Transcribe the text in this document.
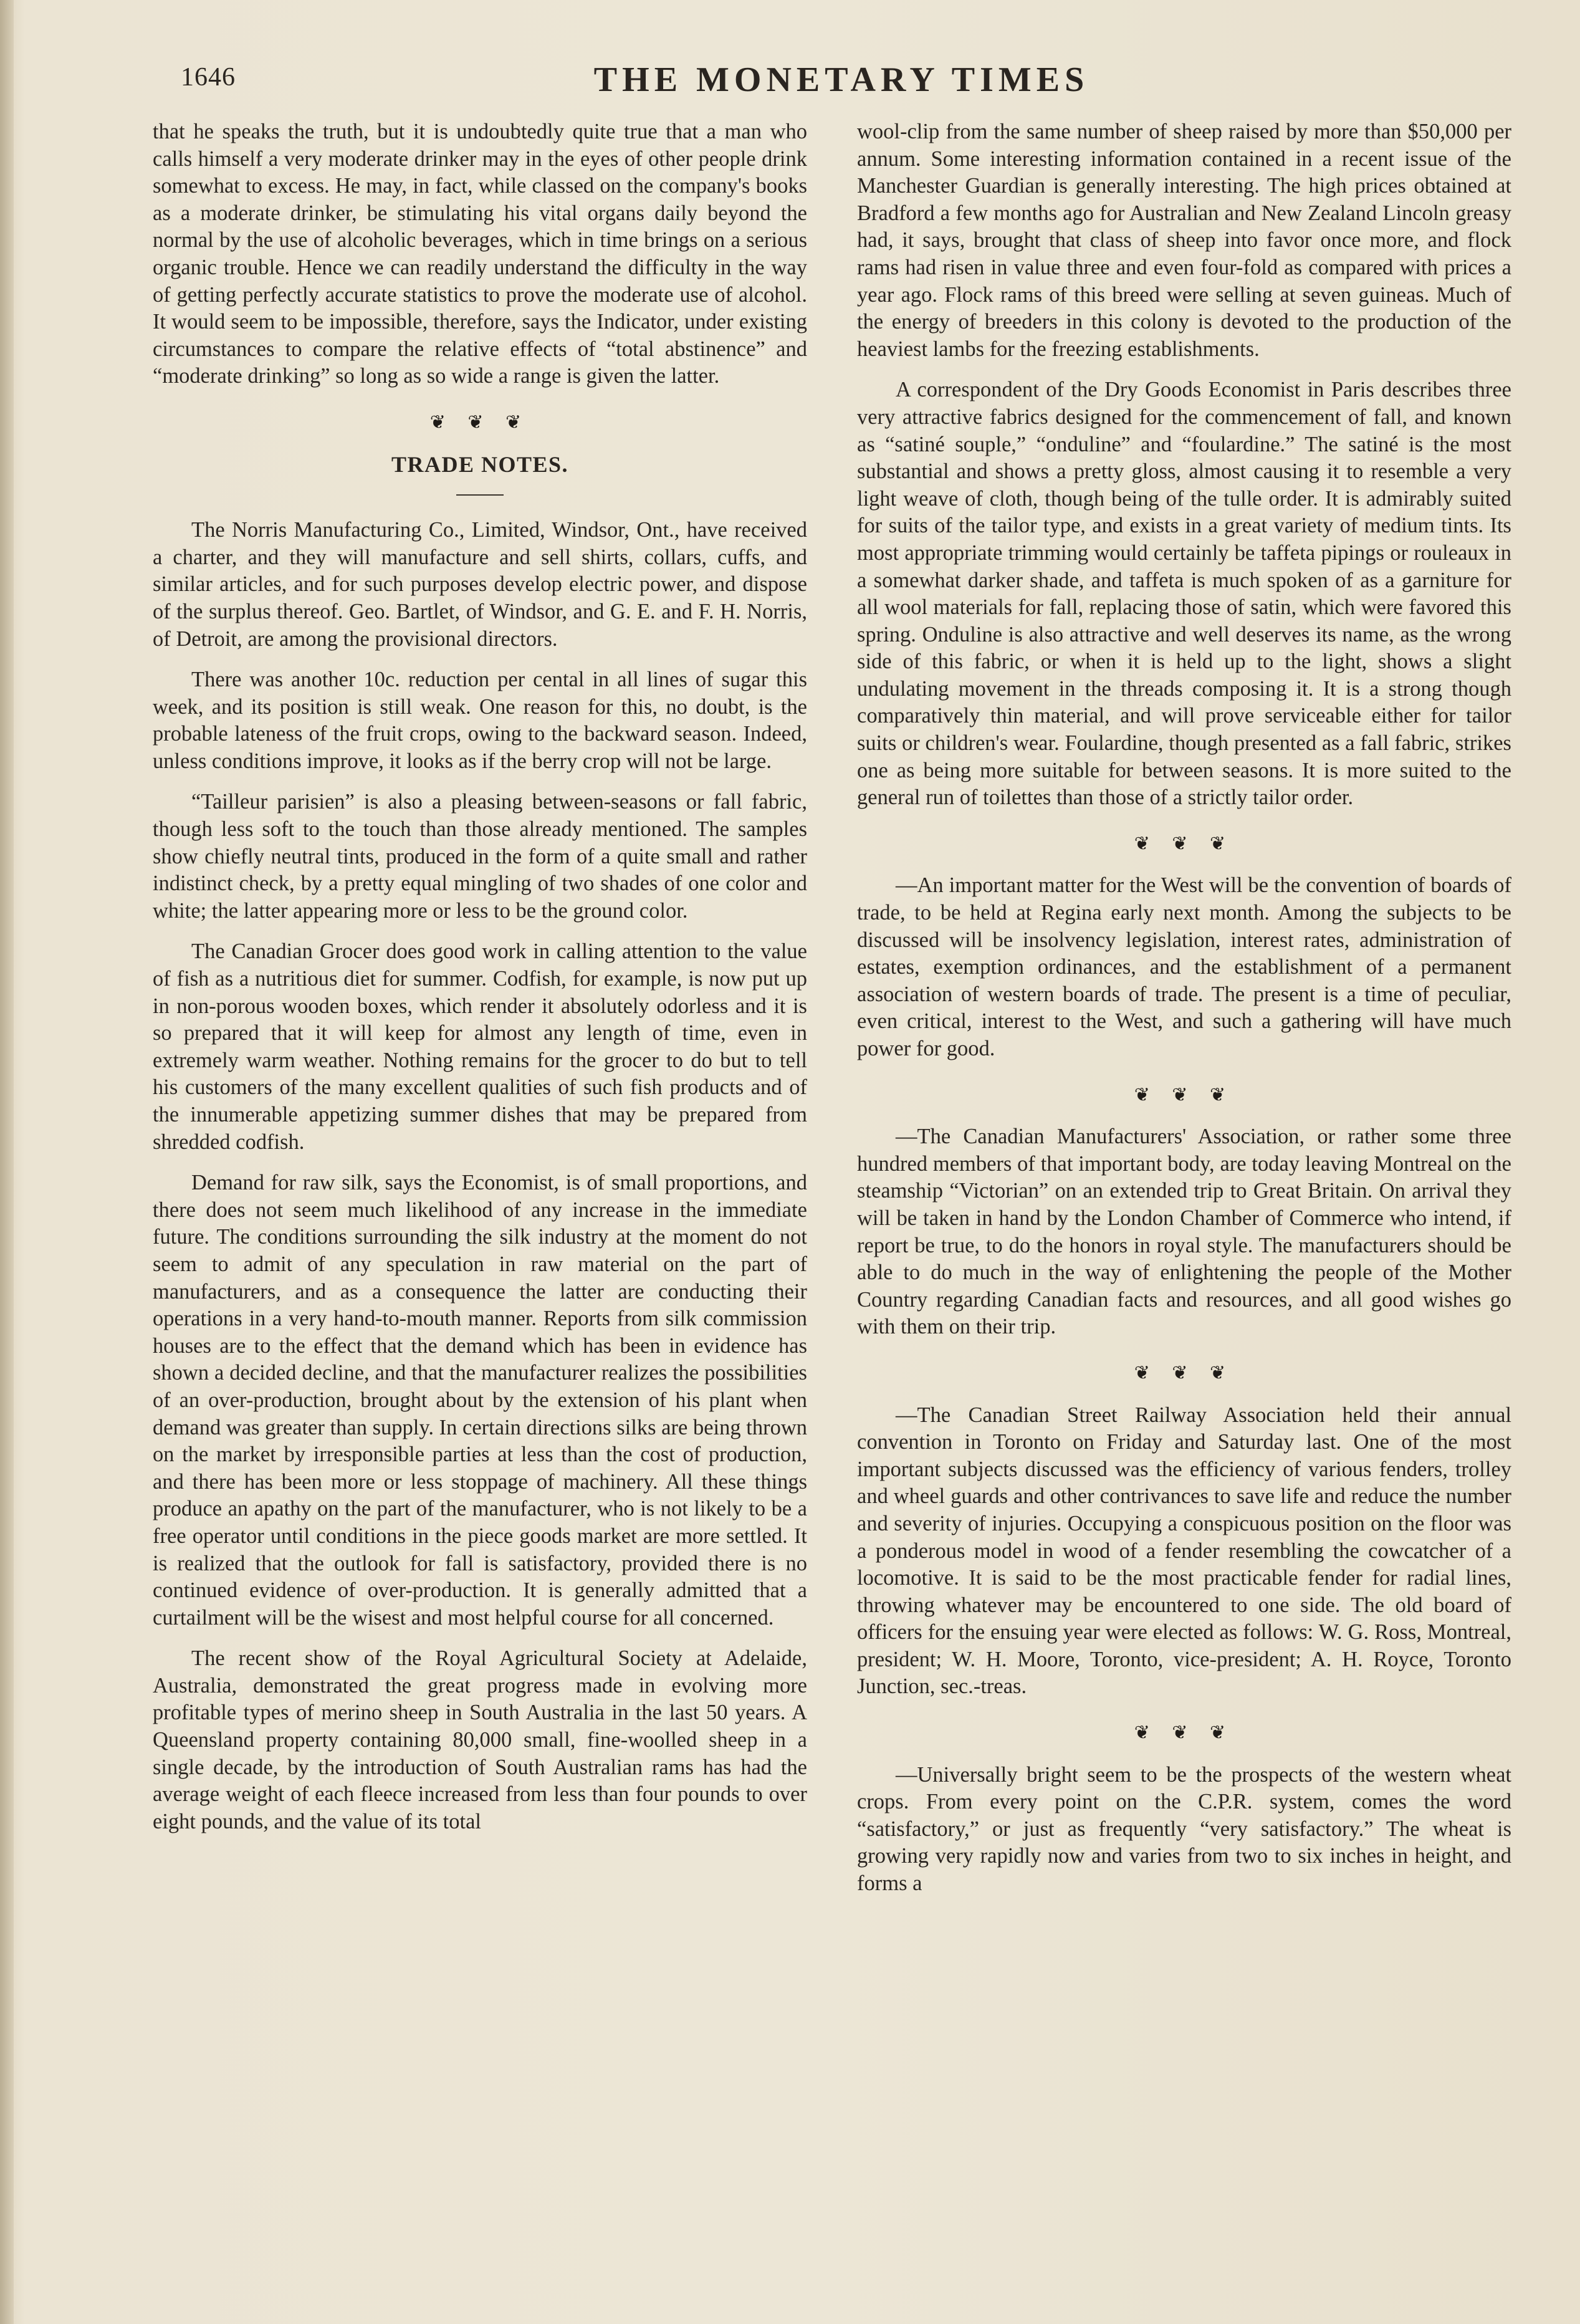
1646	THE MONETARY TIMES

that he speaks the truth, but it is undoubtedly quite true that a man who calls himself a very moderate drinker may in the eyes of other people drink somewhat to excess. He may, in fact, while classed on the company's books as a moderate drinker, be stimulating his vital organs daily beyond the normal by the use of alcoholic beverages, which in time brings on a serious organic trouble. Hence we can readily understand the difficulty in the way of getting perfectly accurate statistics to prove the moderate use of alcohol. It would seem to be impossible, therefore, says the Indicator, under existing circumstances to compare the relative effects of “total abstinence” and “moderate drinking” so long as so wide a range is given the latter.

❦ ❦ ❦
TRADE NOTES.

The Norris Manufacturing Co., Limited, Windsor, Ont., have received a charter, and they will manufacture and sell shirts, collars, cuffs, and similar articles, and for such purposes develop electric power, and dispose of the surplus thereof. Geo. Bartlet, of Windsor, and G. E. and F. H. Norris, of Detroit, are among the provisional directors.

There was another 10c. reduction per cental in all lines of sugar this week, and its position is still weak. One reason for this, no doubt, is the probable lateness of the fruit crops, owing to the backward season. Indeed, unless conditions improve, it looks as if the berry crop will not be large.

“Tailleur parisien” is also a pleasing between-seasons or fall fabric, though less soft to the touch than those already mentioned. The samples show chiefly neutral tints, produced in the form of a quite small and rather indistinct check, by a pretty equal mingling of two shades of one color and white; the latter appearing more or less to be the ground color.

The Canadian Grocer does good work in calling attention to the value of fish as a nutritious diet for summer. Codfish, for example, is now put up in non-porous wooden boxes, which render it absolutely odorless and it is so prepared that it will keep for almost any length of time, even in extremely warm weather. Nothing remains for the grocer to do but to tell his customers of the many excellent qualities of such fish products and of the innumerable appetizing summer dishes that may be prepared from shredded codfish.

Demand for raw silk, says the Economist, is of small proportions, and there does not seem much likelihood of any increase in the immediate future. The conditions surrounding the silk industry at the moment do not seem to admit of any speculation in raw material on the part of manufacturers, and as a consequence the latter are conducting their operations in a very hand-to-mouth manner. Reports from silk commission houses are to the effect that the demand which has been in evidence has shown a decided decline, and that the manufacturer realizes the possibilities of an over-production, brought about by the extension of his plant when demand was greater than supply. In certain directions silks are being thrown on the market by irresponsible parties at less than the cost of production, and there has been more or less stoppage of machinery. All these things produce an apathy on the part of the manufacturer, who is not likely to be a free operator until conditions in the piece goods market are more settled. It is realized that the outlook for fall is satisfactory, provided there is no continued evidence of over-production. It is generally admitted that a curtailment will be the wisest and most helpful course for all concerned.

The recent show of the Royal Agricultural Society at Adelaide, Australia, demonstrated the great progress made in evolving more profitable types of merino sheep in South Australia in the last 50 years. A Queensland property containing 80,000 small, fine-woolled sheep in a single decade, by the introduction of South Australian rams has had the average weight of each fleece increased from less than four pounds to over eight pounds, and the value of its total

wool-clip from the same number of sheep raised by more than $50,000 per annum. Some interesting information contained in a recent issue of the Manchester Guardian is generally interesting. The high prices obtained at Bradford a few months ago for Australian and New Zealand Lincoln greasy had, it says, brought that class of sheep into favor once more, and flock rams had risen in value three and even four-fold as compared with prices a year ago. Flock rams of this breed were selling at seven guineas. Much of the energy of breeders in this colony is devoted to the production of the heaviest lambs for the freezing establishments.

A correspondent of the Dry Goods Economist in Paris describes three very attractive fabrics designed for the commencement of fall, and known as “satiné souple,” “onduline” and “foulardine.” The satiné is the most substantial and shows a pretty gloss, almost causing it to resemble a very light weave of cloth, though being of the tulle order. It is admirably suited for suits of the tailor type, and exists in a great variety of medium tints. Its most appropriate trimming would certainly be taffeta pipings or rouleaux in a somewhat darker shade, and taffeta is much spoken of as a garniture for all wool materials for fall, replacing those of satin, which were favored this spring. Onduline is also attractive and well deserves its name, as the wrong side of this fabric, or when it is held up to the light, shows a slight undulating movement in the threads composing it. It is a strong though comparatively thin material, and will prove serviceable either for tailor suits or children's wear. Foulardine, though presented as a fall fabric, strikes one as being more suitable for between seasons. It is more suited to the general run of toilettes than those of a strictly tailor order.

❦ ❦ ❦

—An important matter for the West will be the convention of boards of trade, to be held at Regina early next month. Among the subjects to be discussed will be insolvency legislation, interest rates, administration of estates, exemption ordinances, and the establishment of a permanent association of western boards of trade. The present is a time of peculiar, even critical, interest to the West, and such a gathering will have much power for good.

❦ ❦ ❦

—The Canadian Manufacturers' Association, or rather some three hundred members of that important body, are today leaving Montreal on the steamship “Victorian” on an extended trip to Great Britain. On arrival they will be taken in hand by the London Chamber of Commerce who intend, if report be true, to do the honors in royal style. The manufacturers should be able to do much in the way of enlightening the people of the Mother Country regarding Canadian facts and resources, and all good wishes go with them on their trip.

❦ ❦ ❦

—The Canadian Street Railway Association held their annual convention in Toronto on Friday and Saturday last. One of the most important subjects discussed was the efficiency of various fenders, trolley and wheel guards and other contrivances to save life and reduce the number and severity of injuries. Occupying a conspicuous position on the floor was a ponderous model in wood of a fender resembling the cowcatcher of a locomotive. It is said to be the most practicable fender for radial lines, throwing whatever may be encountered to one side. The old board of officers for the ensuing year were elected as follows: W. G. Ross, Montreal, president; W. H. Moore, Toronto, vice-president; A. H. Royce, Toronto Junction, sec.-treas.

❦ ❦ ❦

—Universally bright seem to be the prospects of the western wheat crops. From every point on the C.P.R. system, comes the word “satisfactory,” or just as frequently “very satisfactory.” The wheat is growing very rapidly now and varies from two to six inches in height, and forms a
